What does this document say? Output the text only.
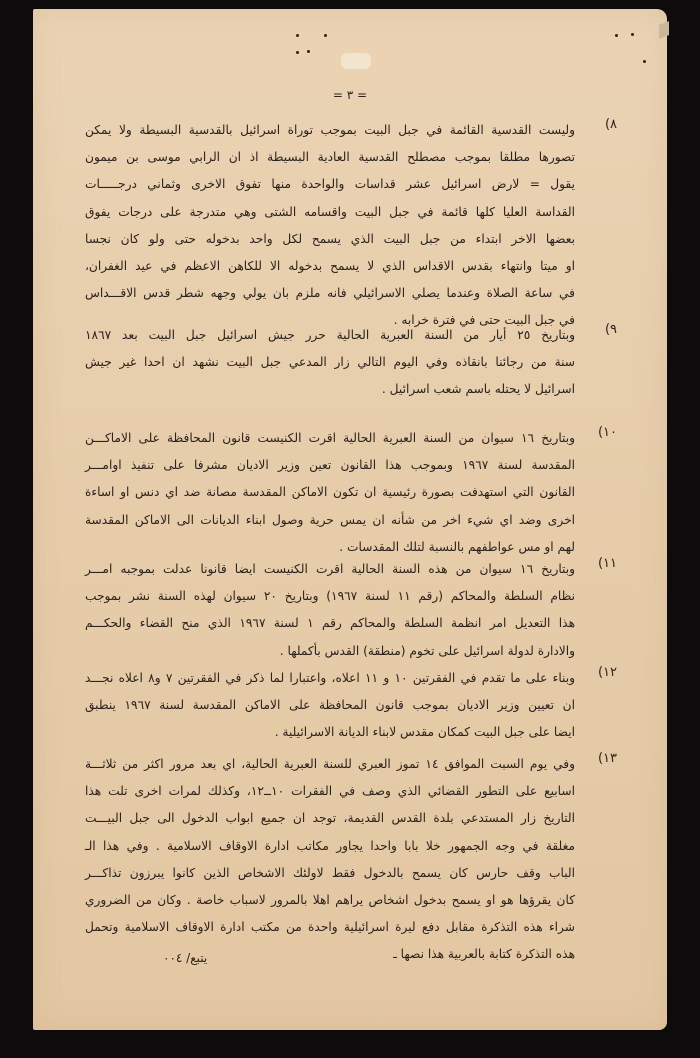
= ٣ =
٨)
وليست القدسية القائمة في جبل البيت بموجب توراة اسرائيل بالقدسية البسيطة ولا يمكن
تصورها مطلقا بموجب مصطلح القدسية العادية البسيطة اذ ان الرابي موسى بن ميمون
يقول = لارض اسرائيل عشر قداسات والواحدة منها تفوق الاخرى وثماني درجـــــات
القداسة العليا كلها قائمة في جبل البيت واقسامه الشتى وهي متدرجة على درجات يفوق
بعضها الاخر ابتداء من جبل البيت الذي يسمح لكل واحد بدخوله حتى ولو كان نجسا
او ميتا وانتهاء بقدس الاقداس الذي لا يسمح بدخوله الا للكاهن الاعظم في عيد الغفران،
في ساعة الصلاة وعندما يصلي الاسرائيلي فانه ملزم بان يولي وجهه شطر قدس الاقـــداس
في جبل البيت حتى في فترة خرابه .
٩)
وبتاريخ ٢٥ أيار من السنة العبرية الحالية حرر جيش اسرائيل جبل البيت بعد ١٨٦٧
سنة من رجائنا بانقاذه وفي اليوم التالي زار المدعي جبل البيت نشهد ان احدا غير جيش
اسرائيل لا يحتله باسم شعب اسرائيل .
١٠)
وبتاريخ ١٦ سيوان من السنة العبرية الحالية اقرت الكنيست قانون المحافظة على الاماكـــن
المقدسة لسنة ١٩٦٧ وبموجب هذا القانون تعين وزير الاديان مشرفا على تنفيذ اوامـــر
القانون التي استهدفت بصورة رئيسية ان تكون الاماكن المقدسة مصانة ضد اي دنس او اساءة
اخرى وضد اي شيء اخر من شأنه ان يمس حرية وصول ابناء الديانات الى الاماكن المقدسة
لهم او مس عواطفهم بالنسبة لتلك المقدسات .
١١)
وبتاريخ ١٦ سيوان من هذه السنة الحالية اقرت الكنيست ايضا قانونا عدلت بموجبه امـــر
نظام السلطة والمحاكم (رقم ١١ لسنة ١٩٦٧) وبتاريخ ٢٠ سيوان لهذه السنة نشر بموجب
هذا التعديل امر انظمة السلطة والمحاكم رقم ١ لسنة ١٩٦٧ الذي منح القضاء والحكـــم
والادارة لدولة اسرائيل على تخوم (منطقة) القدس بأكملها .
١٢)
وبناء على ما تقدم في الفقرتين ١٠ و ١١ اعلاه، واعتبارا لما ذكر في الفقرتين ٧ و٨ اعلاه نجـــد
ان تعيين وزير الاديان بموجب قانون المحافظة على الاماكن المقدسة لسنة ١٩٦٧ ينطبق
ايضا على جبل البيت كمكان مقدس لابناء الديانة الاسرائيلية .
١٣)
وفي يوم السبت الموافق ١٤ تموز العبري للسنة العبرية الحالية، اي بعد مرور اكثر من ثلاثـــة
اسابيع على التطور القضائي الذي وصف في الفقرات ١٠ــ١٢، وكذلك لمرات اخرى تلت هذا
التاريخ زار المستدعي بلدة القدس القديمة، توجد ان جميع ابواب الدخول الى جبل البيـــت
مغلقة في وجه الجمهور خلا بابا واحدا يجاور مكاتب ادارة الاوقاف الاسلامية . وفي هذا الـ
الباب وقف حارس كان يسمح بالدخول فقط لاولئك الاشخاص الذين كانوا يبرزون تذاكـــر
كان يقرؤها هو او يسمح بدخول اشخاص يراهم اهلا بالمرور لاسباب خاصة . وكان من الضروري
شراء هذه التذكرة مقابل دفع ليرة اسرائيلية واحدة من مكتب ادارة الاوقاف الاسلامية وتحمل
هذه التذكرة كتابة بالعربية هذا نصها ـ
يتبع/ ٠٠٤
